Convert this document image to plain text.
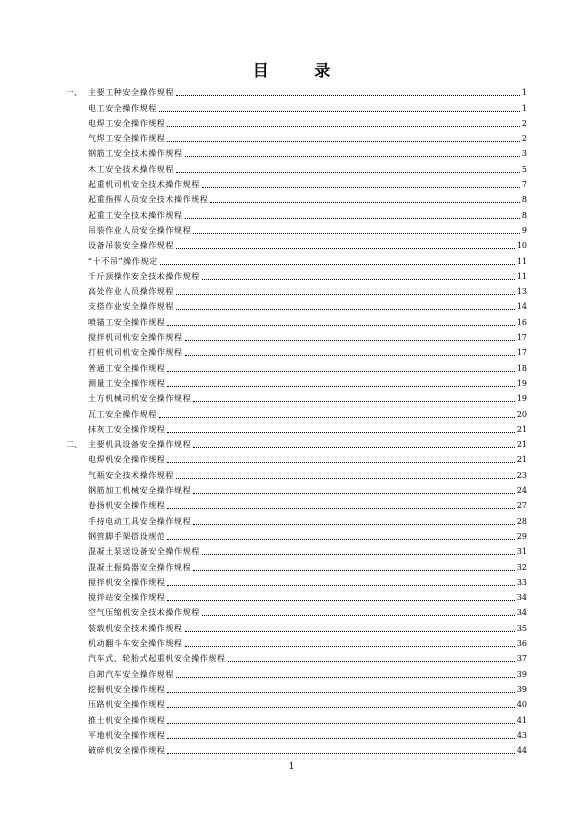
目 录
一、 主要工种安全操作规程	1
电工安全操作规程	1
电焊工安全操作规程	2
气焊工安全操作规程	2
钢筋工安全技术操作规程	3
木工安全技术操作规程	5
起重机司机安全技术操作规程	7
起重指挥人员安全技术操作规程	8
起重工安全技术操作规程	8
吊装作业人员安全操作规程	9
设备吊装安全操作规程	10
“十不吊”操作规定	11
千斤顶操作安全技术操作规程	11
高处作业人员操作规程	13
支搭作业安全操作规程	14
喷锚工安全操作规程	16
搅拌机司机安全操作规程	17
打桩机司机安全操作规程	17
普通工安全操作规程	18
测量工安全操作规程	19
土方机械司机安全操作规程	19
瓦工安全操作规程	20
抹灰工安全操作规程	21
二、 主要机具设备安全操作规程	21
电焊机安全操作规程	21
气瓶安全技术操作规程	23
钢筋加工机械安全操作规程	24
卷扬机安全操作规程	27
手持电动工具安全操作规程	28
钢管脚手架搭设规范	29
混凝土泵送设备安全操作规程	31
混凝土振捣器安全操作规程	32
搅拌机安全操作规程	33
搅拌站安全操作规程	34
空气压缩机安全技术操作规程	34
装载机安全技术操作规程	35
机动翻斗车安全操作规程	36
汽车式、轮胎式起重机安全操作规程	37
自卸汽车安全操作规程	39
挖掘机安全操作规程	39
压路机安全操作规程	40
推土机安全操作规程	41
平地机安全操作规程	43
破碎机安全操作规程	44
1
